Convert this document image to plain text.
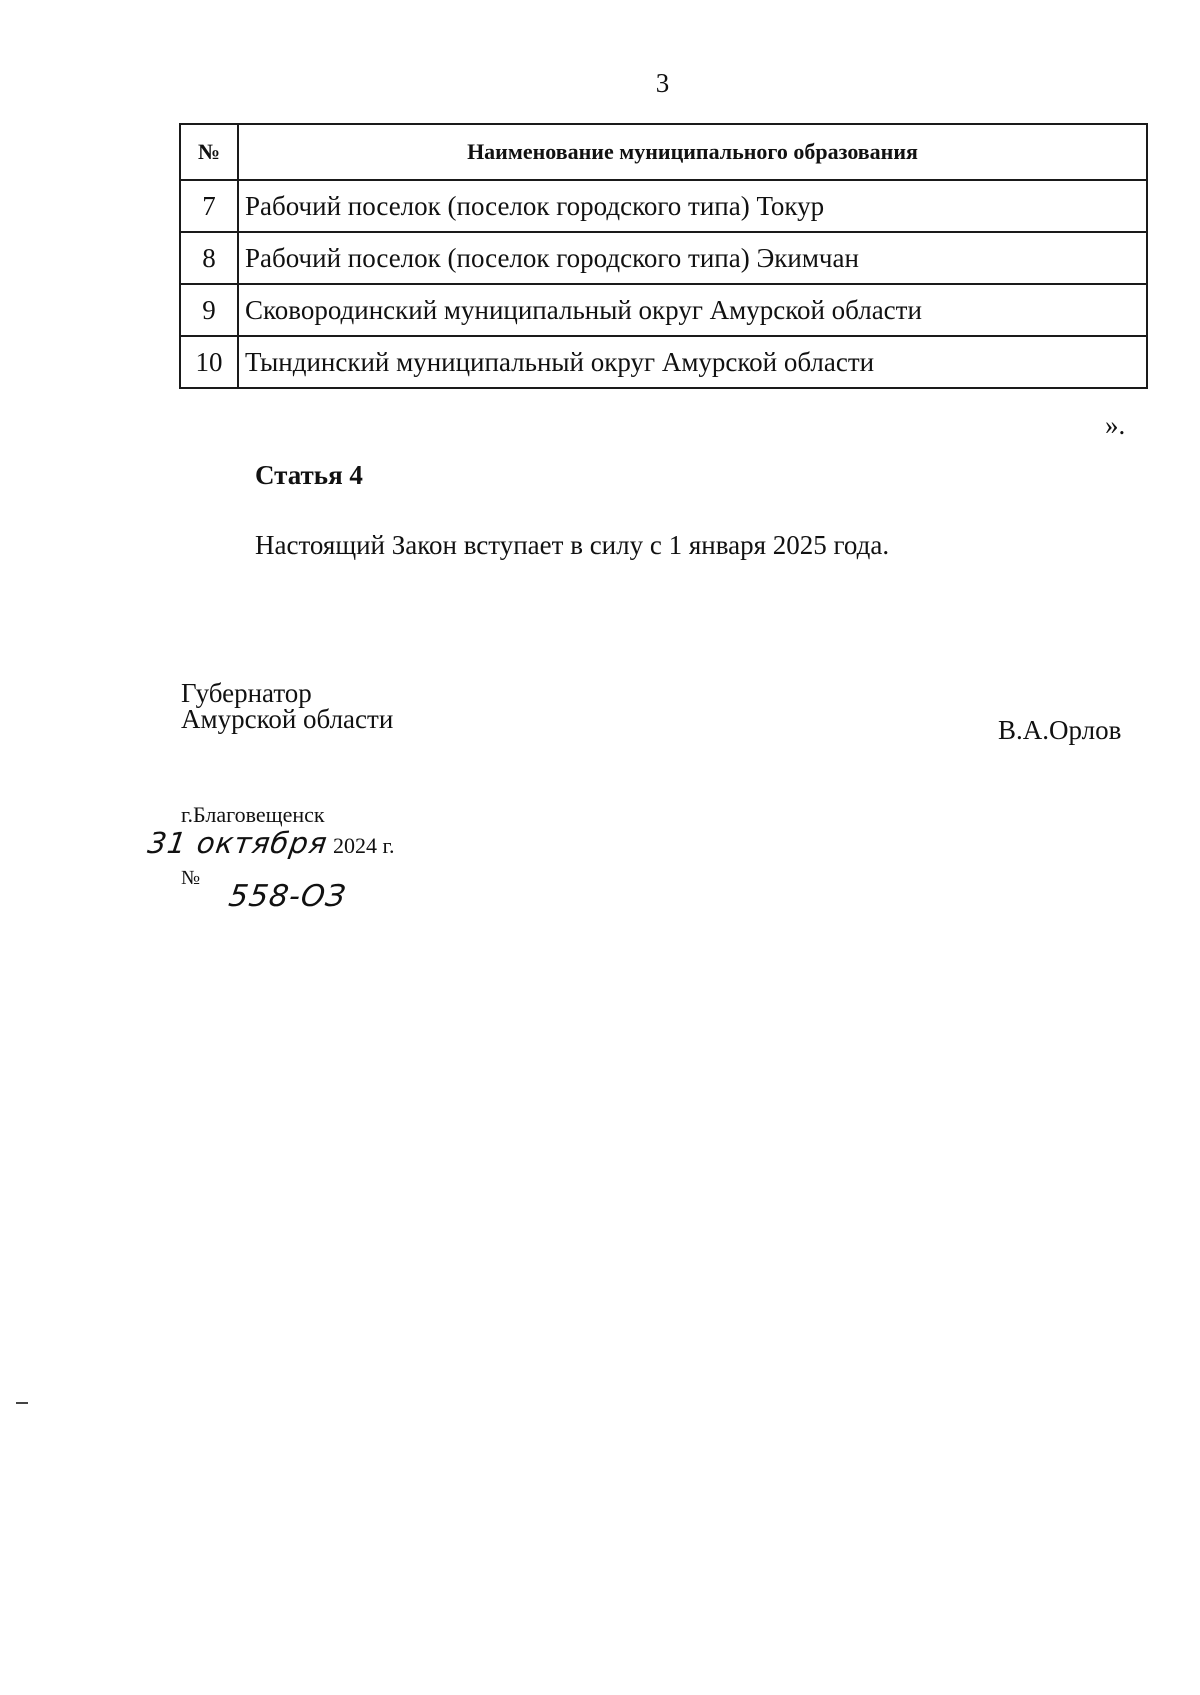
3
№	Наименование муниципального образования
7	Рабочий поселок (поселок городского типа) Токур
8	Рабочий поселок (поселок городского типа) Экимчан
9	Сковородинский муниципальный округ Амурской области
10	Тындинский муниципальный округ Амурской области
».
Статья 4
Настоящий Закон вступает в силу с 1 января 2025 года.
Губернатор
Амурской области	В.А.Орлов
г.Благовещенск
31 октября 2024 г.
№ 558-ОЗ
